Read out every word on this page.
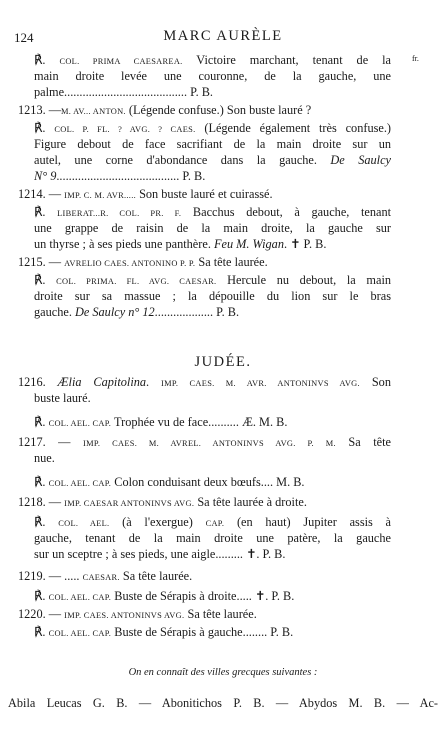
124	MARC AURÈLE
fr.
℟. COL. PRIMA CAESAREA. Victoire marchant, tenant de la
main droite levée une couronne, de la gauche, une
palme........................................ P. B.
1213. —M. AV... ANTON. (Légende confuse.) Son buste lauré ?
℟. COL. P. FL. ? AVG. ? CAES. (Légende également très confuse.)
Figure debout de face sacrifiant de la main droite sur un
autel, une corne d'abondance dans la gauche. De Saulcy
N° 9........................................ P. B.
1214. — IMP. C. M. AVR..... Son buste lauré et cuirassé.
℟. LIBERAT...R. COL. PR. F. Bacchus debout, à gauche, tenant
une grappe de raisin de la main droite, la gauche sur
un thyrse ; à ses pieds une panthère. Feu M. Wigan. ✝ P. B.
1215. — AVRELIO CAES. ANTONINO P. P. Sa tête laurée.
℟. COL. PRIMA. FL. AVG. CAESAR. Hercule nu debout, la main
droite sur sa massue ; la dépouille du lion sur le bras
gauche. De Saulcy n° 12................... P. B.
1216. Ælia Capitolina. IMP. CAES. M. AVR. ANTONINVS AVG. Son
buste lauré.
℟. COL. AEL. CAP. Trophée vu de face.......... Æ. M. B.
1217. — IMP. CAES. M. AVREL. ANTONINVS AVG. P. M. Sa tête
nue.
℟. COL. AEL. CAP. Colon conduisant deux bœufs.... M. B.
1218. — IMP. CAESAR ANTONINVS AVG. Sa tête laurée à droite.
℟. COL. AEL. (à l'exergue) CAP. (en haut) Jupiter assis à
gauche, tenant de la main droite une patère, la gauche
sur un sceptre ; à ses pieds, une aigle......... ✝. P. B.
1219. — ..... CAESAR. Sa tête laurée.
℟. COL. AEL. CAP. Buste de Sérapis à droite..... ✝. P. B.
1220. — IMP. CAES. ANTONINVS AVG. Sa tête laurée.
℟. COL. AEL. CAP. Buste de Sérapis à gauche........ P. B.
JUDÉE.
On en connaît des villes grecques suivantes :
Abila Leucas G. B. — Abonitichos P. B. — Abydos M. B. — Ac-
